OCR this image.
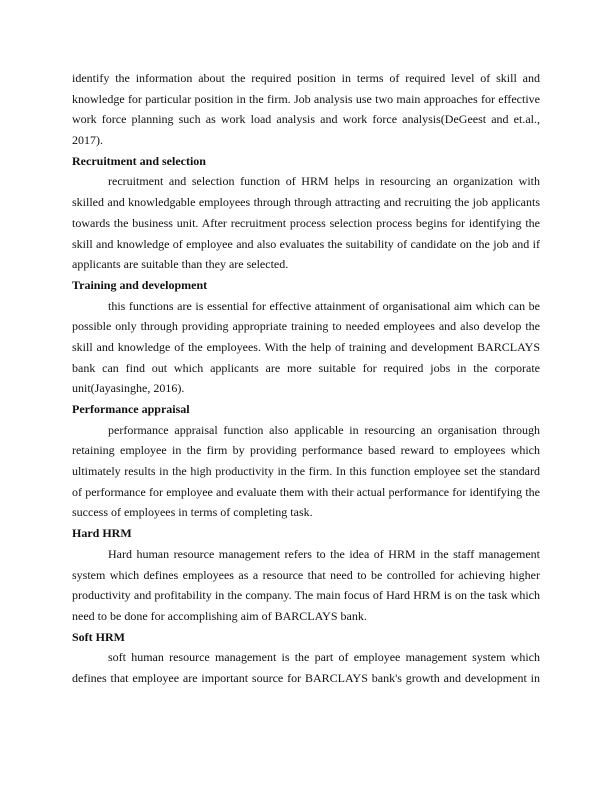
identify the information about the required position in terms of required level of skill and
knowledge for particular position in the firm. Job analysis use two main approaches for effective
work force planning such as work load analysis and work force analysis(DeGeest and et.al.,
2017).
Recruitment and selection
recruitment and selection function of HRM helps in resourcing an organization with
skilled and knowledgable employees through through attracting and recruiting the job applicants
towards the business unit. After recruitment process selection process begins for identifying the
skill and knowledge of employee and also evaluates the suitability of candidate on the job and if
applicants are suitable than they are selected.
Training and development
this functions are is essential for effective attainment of organisational aim which can be
possible only through providing appropriate training to needed employees and also develop the
skill and knowledge of the employees. With the help of training and development BARCLAYS
bank can find out which applicants are more suitable for required jobs in the corporate
unit(Jayasinghe, 2016).
Performance appraisal
performance appraisal function also applicable in resourcing an organisation through
retaining employee in the firm by providing performance based reward to employees which
ultimately results in the high productivity in the firm. In this function employee set the standard
of performance for employee and evaluate them with their actual performance for identifying the
success of employees in terms of completing task.
Hard HRM
Hard human resource management refers to the idea of HRM in the staff management
system which defines employees as a resource that need to be controlled for achieving higher
productivity and profitability in the company. The main focus of Hard HRM is on the task which
need to be done for accomplishing aim of BARCLAYS bank.
Soft HRM
soft human resource management is the part of employee management system which
defines that employee are important source for BARCLAYS bank's growth and development in
